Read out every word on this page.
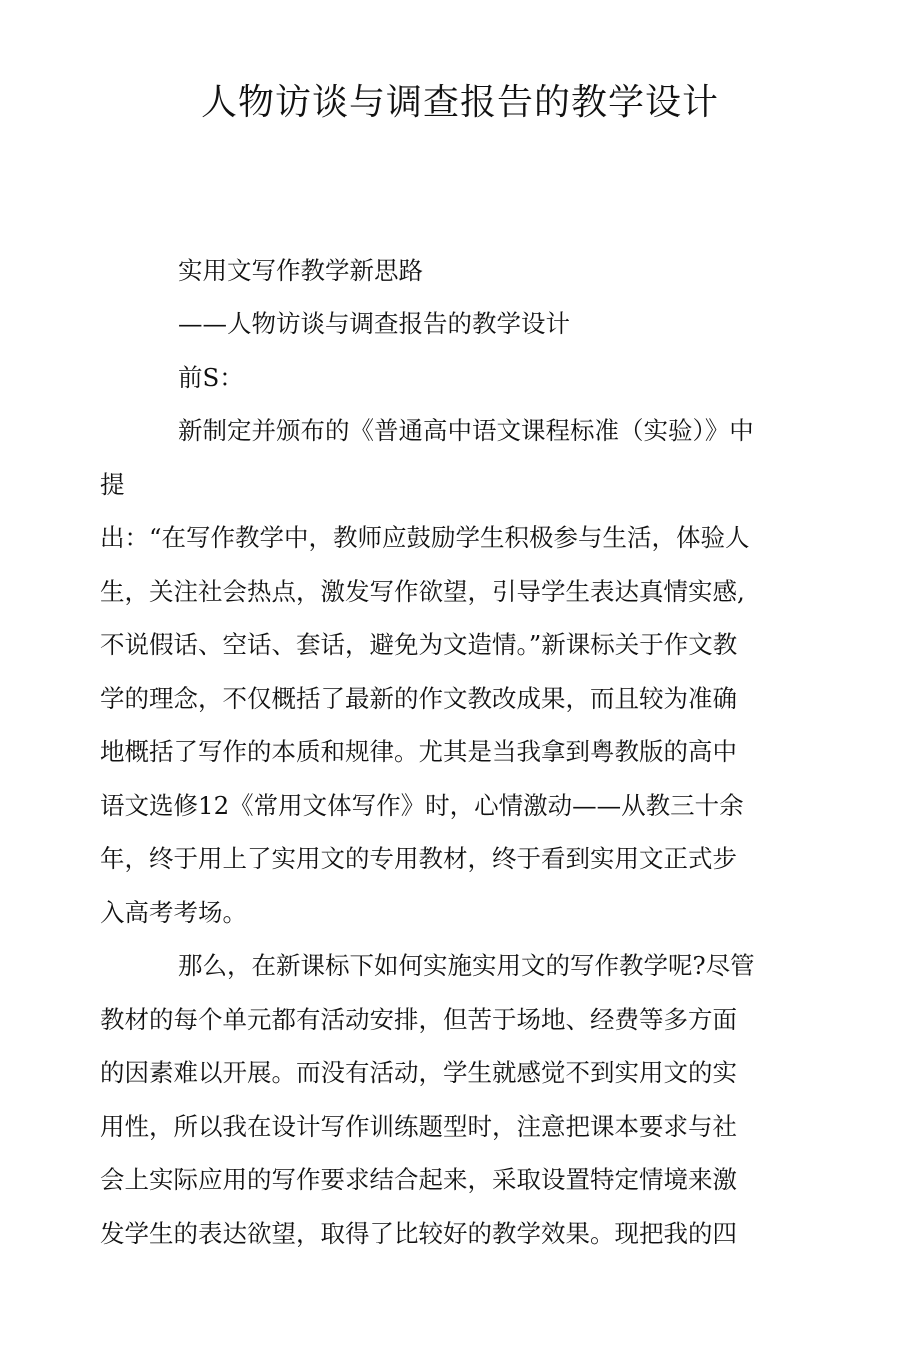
人物访谈与调查报告的教学设计

实用文写作教学新思路

——人物访谈与调查报告的教学设计

前S：

新制定并颁布的《普通高中语文课程标准（实验）》中

提

出：“在写作教学中，教师应鼓励学生积极参与生活，体验人

生，关注社会热点，激发写作欲望，引导学生表达真情实感,

不说假话、空话、套话，避免为文造情。”新课标关于作文教

学的理念，不仅概括了最新的作文教改成果，而且较为准确

地概括了写作的本质和规律。尤其是当我拿到粤教版的高中

语文选修12《常用文体写作》时，心情激动——从教三十余

年，终于用上了实用文的专用教材，终于看到实用文正式步

入高考考场。

那么，在新课标下如何实施实用文的写作教学呢?尽管

教材的每个单元都有活动安排，但苦于场地、经费等多方面

的因素难以开展。而没有活动，学生就感觉不到实用文的实

用性，所以我在设计写作训练题型时，注意把课本要求与社

会上实际应用的写作要求结合起来，采取设置特定情境来激

发学生的表达欲望，取得了比较好的教学效果。现把我的四
